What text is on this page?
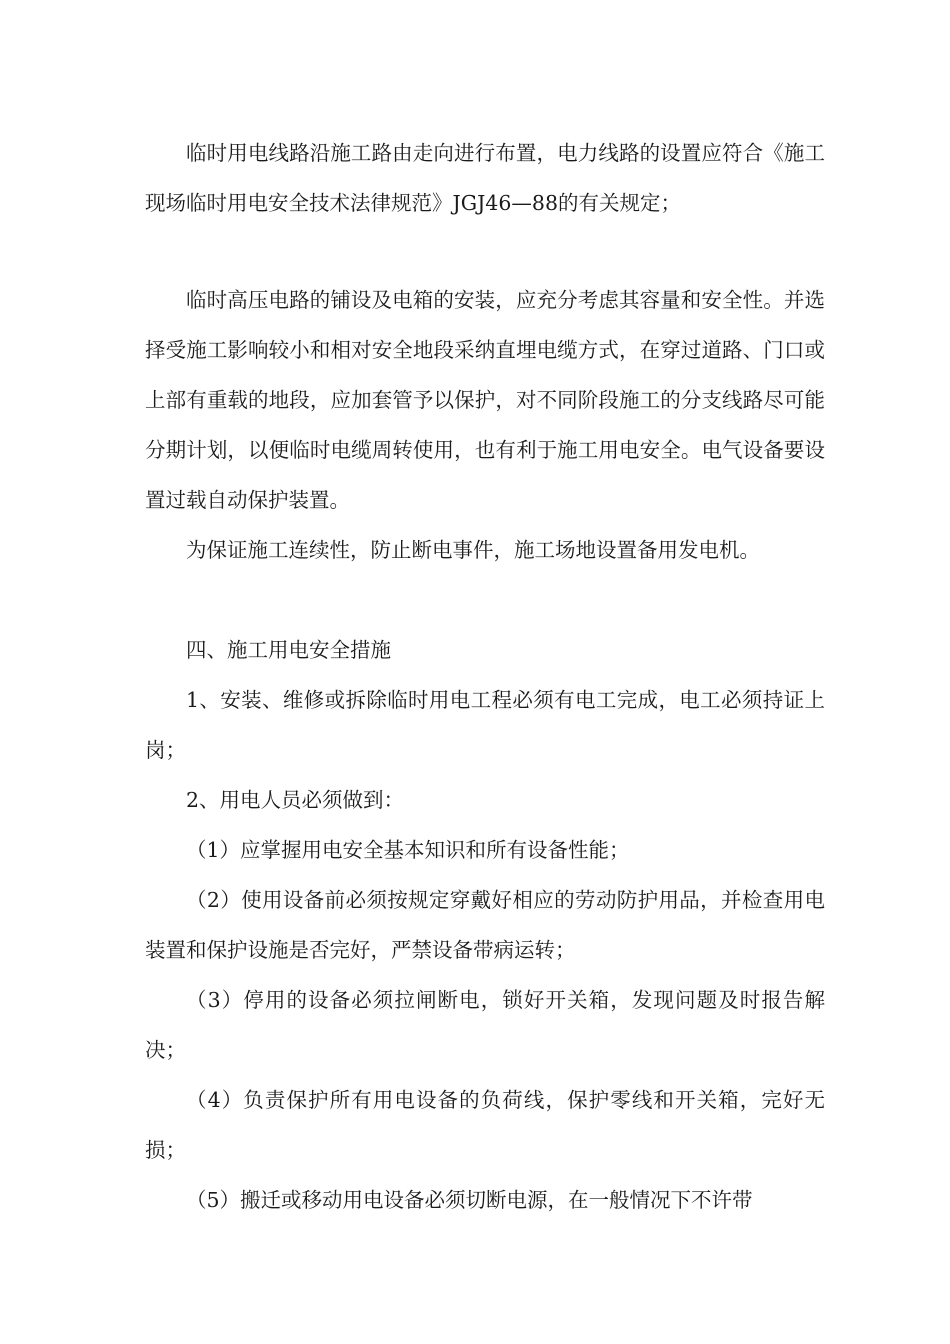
临时用电线路沿施工路由走向进行布置，电力线路的设置应符合《施工现场临时用电安全技术法律规范》JGJ46—88的有关规定；

临时高压电路的铺设及电箱的安装，应充分考虑其容量和安全性。并选择受施工影响较小和相对安全地段采纳直埋电缆方式，在穿过道路、门口或上部有重载的地段，应加套管予以保护，对不同阶段施工的分支线路尽可能分期计划，以便临时电缆周转使用，也有利于施工用电安全。电气设备要设置过载自动保护装置。

为保证施工连续性，防止断电事件，施工场地设置备用发电机。

四、施工用电安全措施

1、安装、维修或拆除临时用电工程必须有电工完成，电工必须持证上岗；

2、用电人员必须做到：

（1）应掌握用电安全基本知识和所有设备性能；

（2）使用设备前必须按规定穿戴好相应的劳动防护用品，并检查用电装置和保护设施是否完好，严禁设备带病运转；

（3）停用的设备必须拉闸断电，锁好开关箱，发现问题及时报告解决；

（4）负责保护所有用电设备的负荷线，保护零线和开关箱，完好无损；

（5）搬迁或移动用电设备必须切断电源，在一般情况下不许带
